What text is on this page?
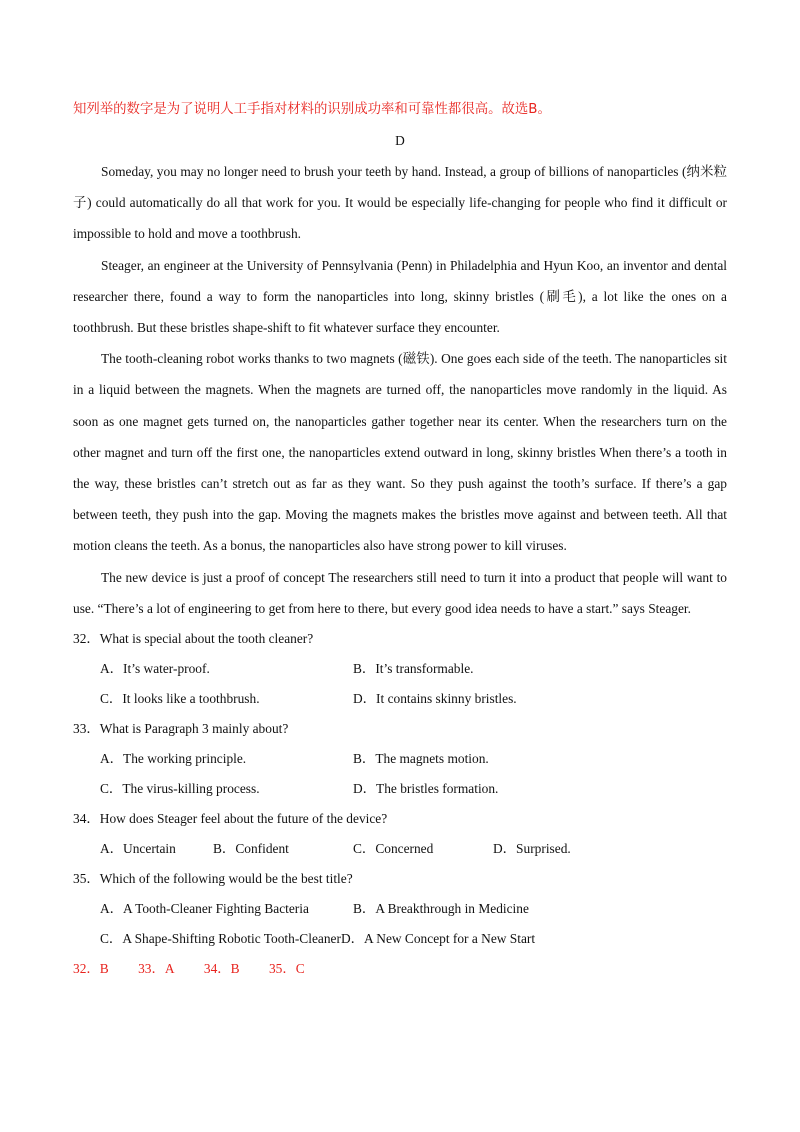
知列举的数字是为了说明人工手指对材料的识别成功率和可靠性都很高。故选B。
D

Someday, you may no longer need to brush your teeth by hand. Instead, a group of billions of nanoparticles (纳米粒子) could automatically do all that work for you. It would be especially life-changing for people who find it difficult or impossible to hold and move a toothbrush.

Steager, an engineer at the University of Pennsylvania (Penn) in Philadelphia and Hyun Koo, an inventor and dental researcher there, found a way to form the nanoparticles into long, skinny bristles (刷毛), a lot like the ones on a toothbrush. But these bristles shape-shift to fit whatever surface they encounter.

The tooth-cleaning robot works thanks to two magnets (磁铁). One goes each side of the teeth. The nanoparticles sit in a liquid between the magnets. When the magnets are turned off, the nanoparticles move randomly in the liquid. As soon as one magnet gets turned on, the nanoparticles gather together near its center. When the researchers turn on the other magnet and turn off the first one, the nanoparticles extend outward in long, skinny bristles When there’s a tooth in the way, these bristles can’t stretch out as far as they want. So they push against the tooth’s surface. If there’s a gap between teeth, they push into the gap. Moving the magnets makes the bristles move against and between teeth. All that motion cleans the teeth. As a bonus, the nanoparticles also have strong power to kill viruses.

The new device is just a proof of concept The researchers still need to turn it into a product that people will want to use. “There’s a lot of engineering to get from here to there, but every good idea needs to have a start.” says Steager.

32．What is special about the tooth cleaner?
A．It’s water-proof.	B．It’s transformable.
C．It looks like a toothbrush.	D．It contains skinny bristles.
33．What is Paragraph 3 mainly about?
A．The working principle.	B．The magnets motion.
C．The virus-killing process.	D．The bristles formation.
34．How does Steager feel about the future of the device?
A．Uncertain	B．Confident	C．Concerned	D．Surprised.
35．Which of the following would be the best title?
A．A Tooth-Cleaner Fighting Bacteria	B．A Breakthrough in Medicine
C．A Shape-Shifting Robotic Tooth-Cleaner D．A New Concept for a New Start
32．B 33．A 34．B 35．C
